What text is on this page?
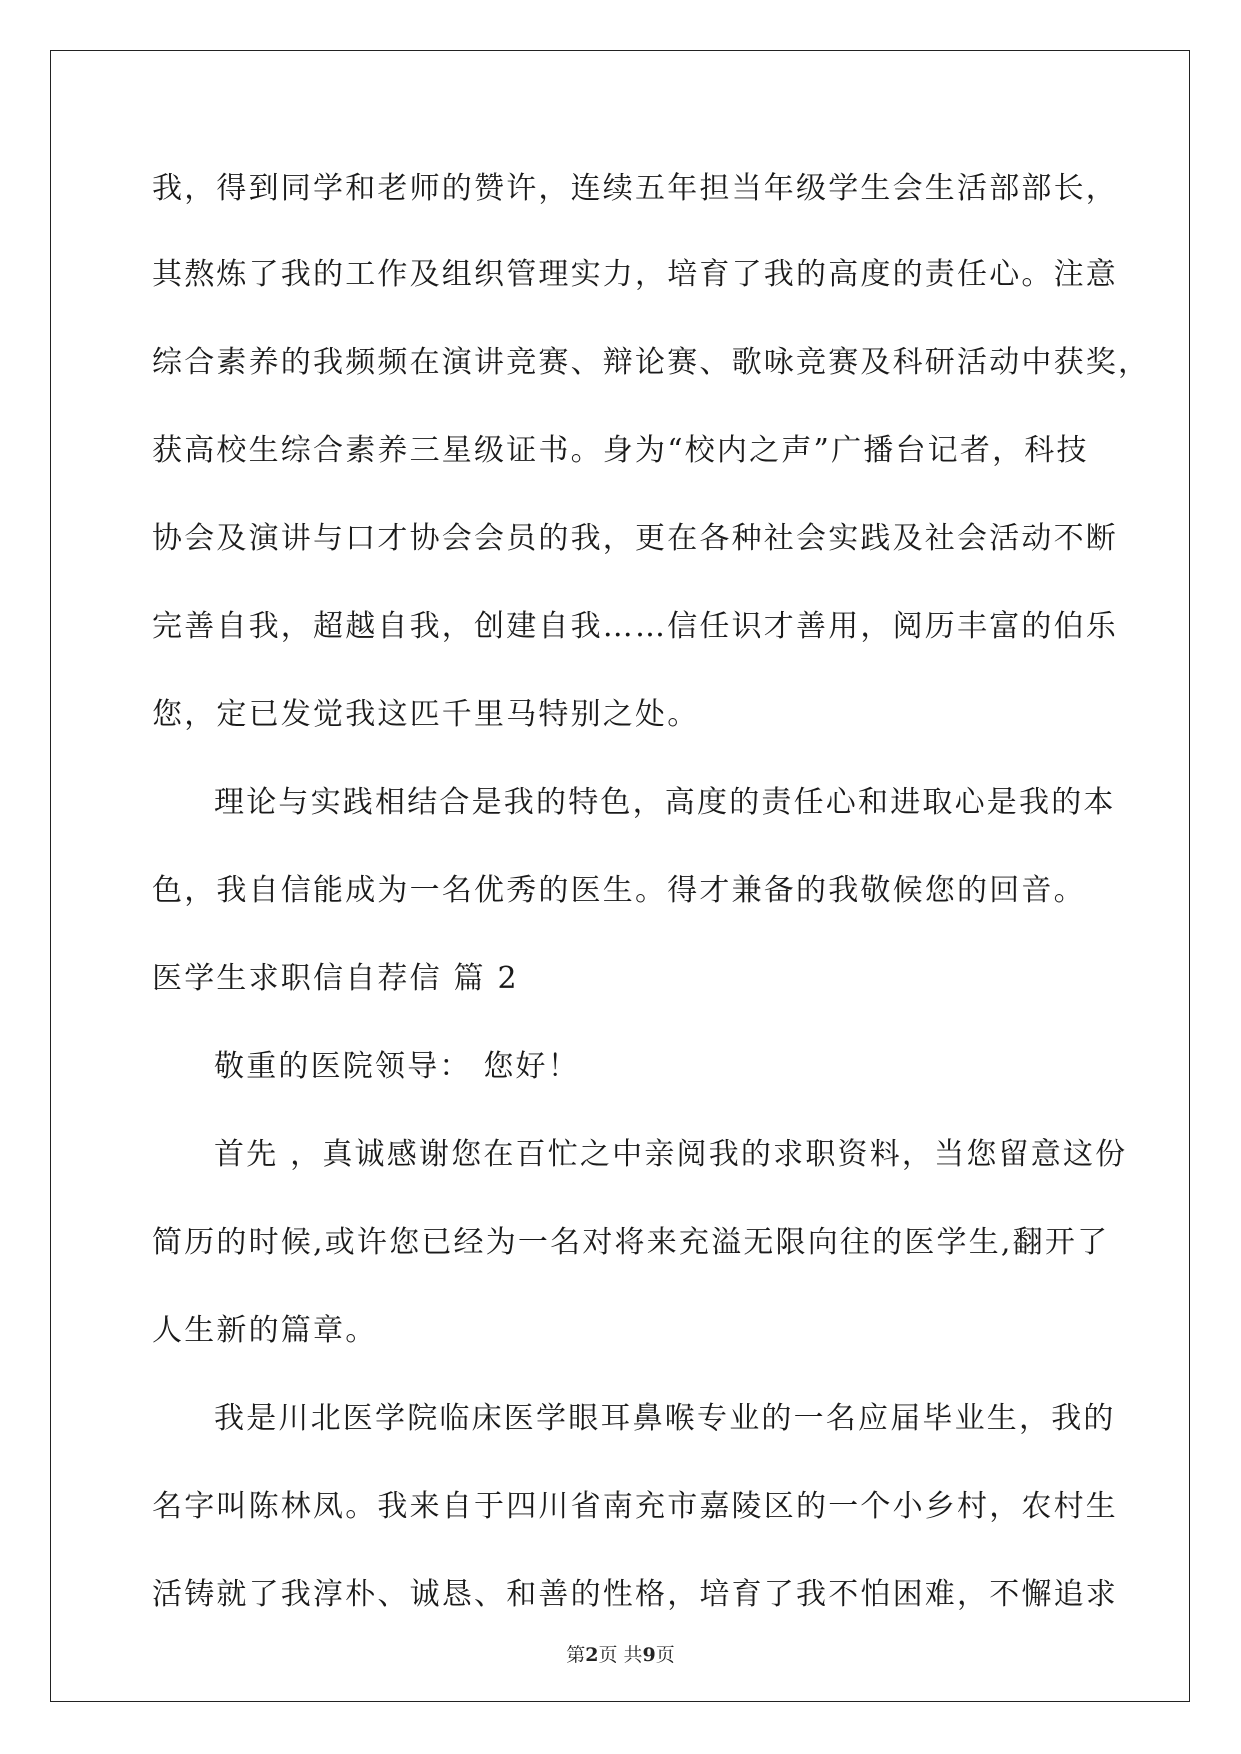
我，得到同学和老师的赞许，连续五年担当年级学生会生活部部长，
其熬炼了我的工作及组织管理实力，培育了我的高度的责任心。注意
综合素养的我频频在演讲竞赛、辩论赛、歌咏竞赛及科研活动中获奖，
获高校生综合素养三星级证书。身为“校内之声”广播台记者，科技
协会及演讲与口才协会会员的我，更在各种社会实践及社会活动不断
完善自我，超越自我，创建自我……信任识才善用，阅历丰富的伯乐
您，定已发觉我这匹千里马特别之处。
理论与实践相结合是我的特色，高度的责任心和进取心是我的本
色，我自信能成为一名优秀的医生。得才兼备的我敬候您的回音。
医学生求职信自荐信 篇 2
敬重的医院领导： 您好！
首先 ，真诚感谢您在百忙之中亲阅我的求职资料，当您留意这份
简历的时候,或许您已经为一名对将来充溢无限向往的医学生,翻开了
人生新的篇章。
我是川北医学院临床医学眼耳鼻喉专业的一名应届毕业生，我的
名字叫陈林凤。我来自于四川省南充市嘉陵区的一个小乡村，农村生
活铸就了我淳朴、诚恳、和善的性格，培育了我不怕困难，不懈追求
第2页 共9页
